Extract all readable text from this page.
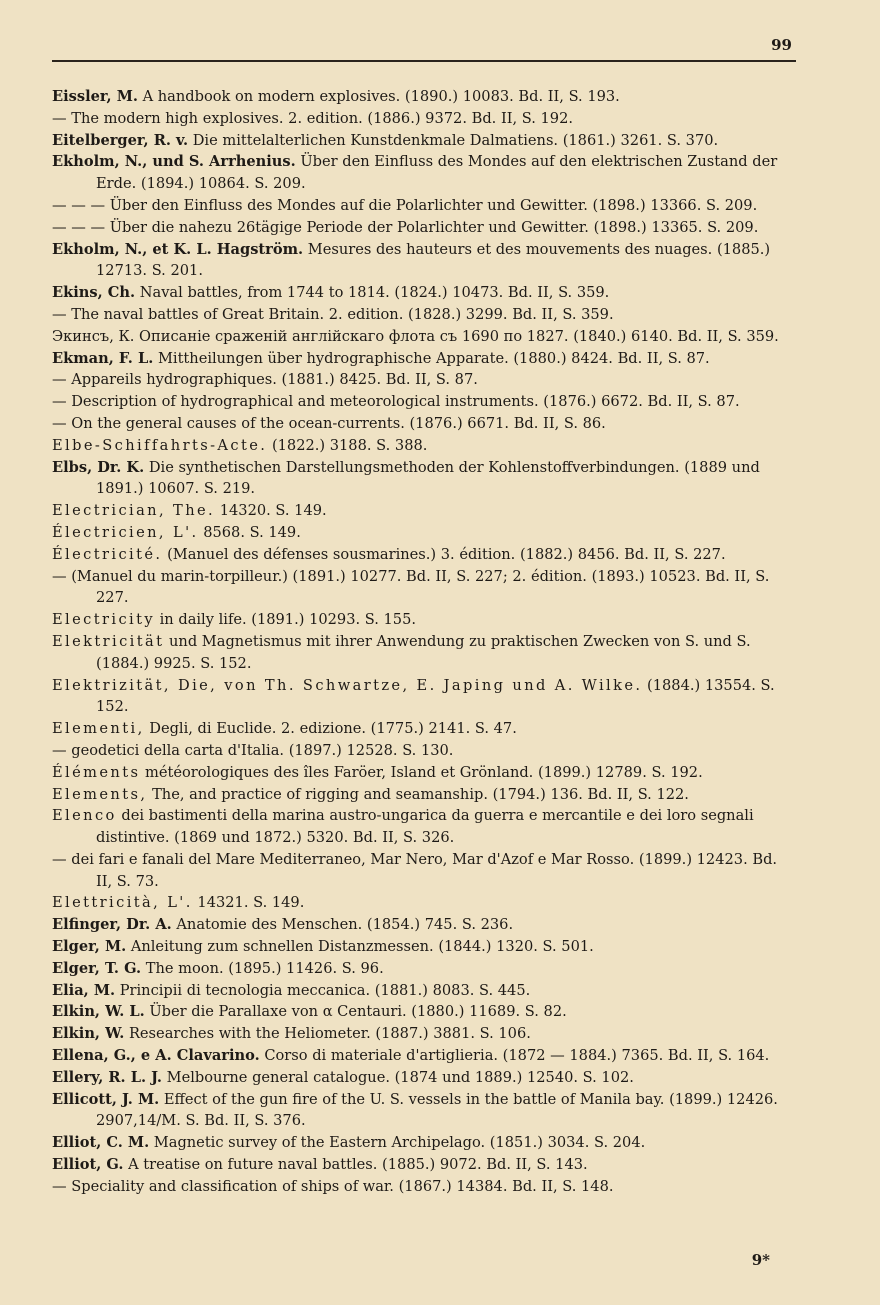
99

Eissler, M. A handbook on modern explosives. (1890.) 10083. Bd. II, S. 193.

— The modern high explosives. 2. edition. (1886.) 9372. Bd. II, S. 192.

Eitelberger, R. v. Die mittelalterlichen Kunstdenkmale Dalmatiens. (1861.) 3261. S. 370.

Ekholm, N., und S. Arrhenius. Über den Einfluss des Mondes auf den elektrischen Zustand der Erde. (1894.) 10864. S. 209.

— — — Über den Einfluss des Mondes auf die Polarlichter und Gewitter. (1898.) 13366. S. 209.

— — — Über die nahezu 26tägige Periode der Polarlichter und Gewitter. (1898.) 13365. S. 209.

Ekholm, N., et K. L. Hagström. Mesures des hauteurs et des mouvements des nuages. (1885.) 12713. S. 201.

Ekins, Ch. Naval battles, from 1744 to 1814. (1824.) 10473. Bd. II, S. 359.

— The naval battles of Great Britain. 2. edition. (1828.) 3299. Bd. II, S. 359.

Экинсъ, К. Описаніе сраженій англійскаго флота съ 1690 по 1827. (1840.) 6140. Bd. II, S. 359.

Ekman, F. L. Mittheilungen über hydrographische Apparate. (1880.) 8424. Bd. II, S. 87.

— Appareils hydrographiques. (1881.) 8425. Bd. II, S. 87.

— Description of hydrographical and meteorological instruments. (1876.) 6672. Bd. II, S. 87.

— On the general causes of the ocean-currents. (1876.) 6671. Bd. II, S. 86.

Elbe-Schiffahrts-Acte. (1822.) 3188. S. 388.

Elbs, Dr. K. Die synthetischen Darstellungsmethoden der Kohlenstoffverbindungen. (1889 und 1891.) 10607. S. 219.

Electrician, The. 14320. S. 149.

Électricien, L'. 8568. S. 149.

Électricité. (Manuel des défenses sousmarines.) 3. édition. (1882.) 8456. Bd. II, S. 227.

— (Manuel du marin-torpilleur.) (1891.) 10277. Bd. II, S. 227; 2. édition. (1893.) 10523. Bd. II, S. 227.

Electricity in daily life. (1891.) 10293. S. 155.

Elektricität und Magnetismus mit ihrer Anwendung zu praktischen Zwecken von S. und S. (1884.) 9925. S. 152.

Elektrizität, Die, von Th. Schwartze, E. Japing und A. Wilke. (1884.) 13554. S. 152.

Elementi, Degli, di Euclide. 2. edizione. (1775.) 2141. S. 47.

— geodetici della carta d'Italia. (1897.) 12528. S. 130.

Éléments météorologiques des îles Faröer, Island et Grönland. (1899.) 12789. S. 192.

Elements, The, and practice of rigging and seamanship. (1794.) 136. Bd. II, S. 122.

Elenco dei bastimenti della marina austro-ungarica da guerra e mercantile e dei loro segnali distintive. (1869 und 1872.) 5320. Bd. II, S. 326.

— dei fari e fanali del Mare Mediterraneo, Mar Nero, Mar d'Azof e Mar Rosso. (1899.) 12423. Bd. II, S. 73.

Elettricità, L'. 14321. S. 149.

Elfinger, Dr. A. Anatomie des Menschen. (1854.) 745. S. 236.

Elger, M. Anleitung zum schnellen Distanzmessen. (1844.) 1320. S. 501.

Elger, T. G. The moon. (1895.) 11426. S. 96.

Elia, M. Principii di tecnologia meccanica. (1881.) 8083. S. 445.

Elkin, W. L. Über die Parallaxe von α Centauri. (1880.) 11689. S. 82.

Elkin, W. Researches with the Heliometer. (1887.) 3881. S. 106.

Ellena, G., e A. Clavarino. Corso di materiale d'artiglieria. (1872 — 1884.) 7365. Bd. II, S. 164.

Ellery, R. L. J. Melbourne general catalogue. (1874 und 1889.) 12540. S. 102.

Ellicott, J. M. Effect of the gun fire of the U. S. vessels in the battle of Manila bay. (1899.) 12426. 2907,14/M. S. Bd. II, S. 376.

Elliot, C. M. Magnetic survey of the Eastern Archipelago. (1851.) 3034. S. 204.

Elliot, G. A treatise on future naval battles. (1885.) 9072. Bd. II, S. 143.

— Speciality and classification of ships of war. (1867.) 14384. Bd. II, S. 148.

9*
